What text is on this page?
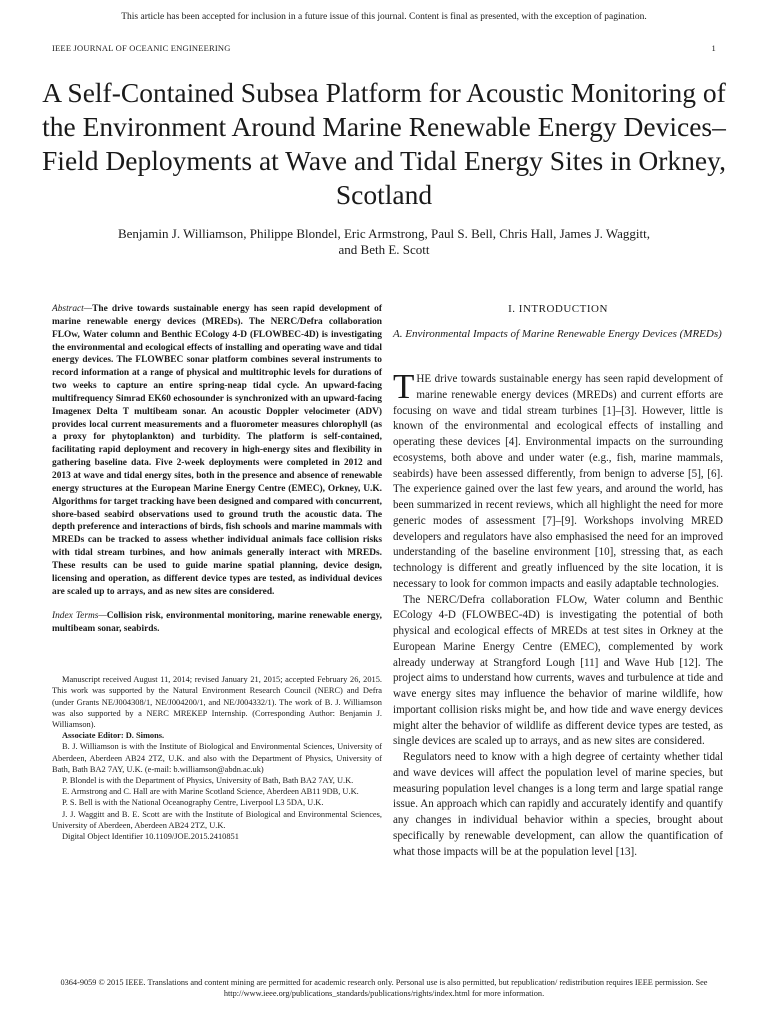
This article has been accepted for inclusion in a future issue of this journal. Content is final as presented, with the exception of pagination.
IEEE JOURNAL OF OCEANIC ENGINEERING	1
A Self-Contained Subsea Platform for Acoustic Monitoring of the Environment Around Marine Renewable Energy Devices–Field Deployments at Wave and Tidal Energy Sites in Orkney, Scotland
Benjamin J. Williamson, Philippe Blondel, Eric Armstrong, Paul S. Bell, Chris Hall, James J. Waggitt, and Beth E. Scott

Abstract—The drive towards sustainable energy has seen rapid development of marine renewable energy devices (MREDs). The NERC/Defra collaboration FLOw, Water column and Benthic ECology 4-D (FLOWBEC-4D) is investigating the environmental and ecological effects of installing and operating wave and tidal energy devices. The FLOWBEC sonar platform combines several instruments to record information at a range of physical and multitrophic levels for durations of two weeks to capture an entire spring-neap tidal cycle. An upward-facing multifrequency Simrad EK60 echosounder is synchronized with an upward-facing Imagenex Delta T multibeam sonar. An acoustic Doppler velocimeter (ADV) provides local current measurements and a fluorometer measures chlorophyll (as a proxy for phytoplankton) and turbidity. The platform is self-contained, facilitating rapid deployment and recovery in high-energy sites and flexibility in gathering baseline data. Five 2-week deployments were completed in 2012 and 2013 at wave and tidal energy sites, both in the presence and absence of renewable energy structures at the European Marine Energy Centre (EMEC), Orkney, U.K. Algorithms for target tracking have been designed and compared with concurrent, shore-based seabird observations used to ground truth the acoustic data. The depth preference and interactions of birds, fish schools and marine mammals with MREDs can be tracked to assess whether individual animals face collision risks with tidal stream turbines, and how animals generally interact with MREDs. These results can be used to guide marine spatial planning, device design, licensing and operation, as different device types are tested, as individual devices are scaled up to arrays, and as new sites are considered.

Index Terms—Collision risk, environmental monitoring, marine renewable energy, multibeam sonar, seabirds.

Manuscript received August 11, 2014; revised January 21, 2015; accepted February 26, 2015. This work was supported by the Natural Environment Research Council (NERC) and Defra (under Grants NE/J004308/1, NE/J004200/1, and NE/J004332/1). The work of B. J. Williamson was also supported by a NERC MREKEP Internship. (Corresponding Author: Benjamin J. Williamson).

Associate Editor: D. Simons.

B. J. Williamson is with the Institute of Biological and Environmental Sciences, University of Aberdeen, Aberdeen AB24 2TZ, U.K. and also with the Department of Physics, University of Bath, Bath BA2 7AY, U.K. (e-mail: b.williamson@abdn.ac.uk)

P. Blondel is with the Department of Physics, University of Bath, Bath BA2 7AY, U.K.

E. Armstrong and C. Hall are with Marine Scotland Science, Aberdeen AB11 9DB, U.K.

P. S. Bell is with the National Oceanography Centre, Liverpool L3 5DA, U.K.

J. J. Waggitt and B. E. Scott are with the Institute of Biological and Environmental Sciences, University of Aberdeen, Aberdeen AB24 2TZ, U.K.

Digital Object Identifier 10.1109/JOE.2015.2410851

I. INTRODUCTION
A. Environmental Impacts of Marine Renewable Energy Devices (MREDs)

THE drive towards sustainable energy has seen rapid development of marine renewable energy devices (MREDs) and current efforts are focusing on wave and tidal stream turbines [1]–[3]. However, little is known of the environmental and ecological effects of installing and operating these devices [4]. Environmental impacts on the surrounding ecosystems, both above and under water (e.g., fish, marine mammals, seabirds) have been assessed differently, from benign to adverse [5], [6]. The experience gained over the last few years, and around the world, has been summarized in recent reviews, which all highlight the need for more generic modes of assessment [7]–[9]. Workshops involving MRED developers and regulators have also emphasised the need for an improved understanding of the baseline environment [10], stressing that, as each technology is different and greatly influenced by the site location, it is necessary to look for common impacts and easily adaptable technologies.

The NERC/Defra collaboration FLOw, Water column and Benthic ECology 4-D (FLOWBEC-4D) is investigating the potential of both physical and ecological effects of MREDs at test sites in Orkney at the European Marine Energy Centre (EMEC), complemented by work already underway at Strangford Lough [11] and Wave Hub [12]. The project aims to understand how currents, waves and turbulence at tide and wave energy sites may influence the behavior of marine wildlife, how important collision risks might be, and how tide and wave energy devices might alter the behavior of wildlife as different device types are tested, as single devices are scaled up to arrays, and as new sites are considered.

Regulators need to know with a high degree of certainty whether tidal and wave devices will affect the population level of marine species, but measuring population level changes is a long term and large spatial range issue. An approach which can rapidly and accurately identify and quantify any changes in individual behavior within a species, brought about specifically by renewable development, can allow the quantification of what those impacts will be at the population level [13].

0364-9059 © 2015 IEEE. Translations and content mining are permitted for academic research only. Personal use is also permitted, but republication/ redistribution requires IEEE permission. See http://www.ieee.org/publications_standards/publications/rights/index.html for more information.
